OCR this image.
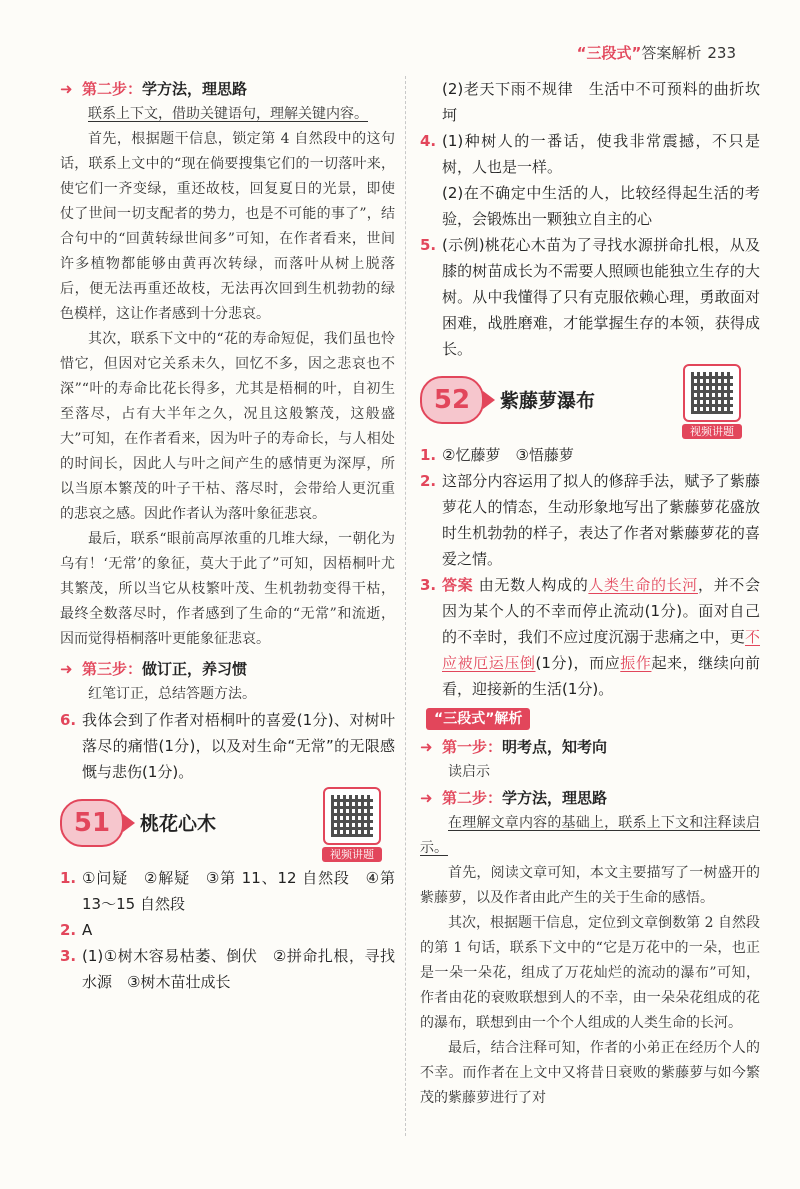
“三段式”答案解析 233

➜ 第二步：学方法，理思路

联系上下文，借助关键语句，理解关键内容。

首先，根据题干信息，锁定第 4 自然段中的这句话，联系上文中的“现在倘要搜集它们的一切落叶来，使它们一齐变绿，重还故枝，回复夏日的光景，即使仗了世间一切支配者的势力，也是不可能的事了”，结合句中的“回黄转绿世间多”可知，在作者看来，世间许多植物都能够由黄再次转绿，而落叶从树上脱落后，便无法再重还故枝，无法再次回到生机勃勃的绿色模样，这让作者感到十分悲哀。

其次，联系下文中的“花的寿命短促，我们虽也怜惜它，但因对它关系未久，回忆不多，因之悲哀也不深”“叶的寿命比花长得多，尤其是梧桐的叶，自初生至落尽，占有大半年之久，况且这般繁茂，这般盛大”可知，在作者看来，因为叶子的寿命长，与人相处的时间长，因此人与叶之间产生的感情更为深厚，所以当原本繁茂的叶子干枯、落尽时，会带给人更沉重的悲哀之感。因此作者认为落叶象征悲哀。

最后，联系“眼前高厚浓重的几堆大绿，一朝化为乌有！‘无常’的象征，莫大于此了”可知，因梧桐叶尤其繁茂，所以当它从枝繁叶茂、生机勃勃变得干枯，最终全数落尽时，作者感到了生命的“无常”和流逝，因而觉得梧桐落叶更能象征悲哀。

➜ 第三步：做订正，养习惯

红笔订正，总结答题方法。

6. 我体会到了作者对梧桐叶的喜爱(1分)、对树叶落尽的痛惜(1分)，以及对生命“无常”的无限感慨与悲伤(1分)。

51	桃花心木
视频讲题

1. ①问疑　②解疑　③第 11、12 自然段　④第 13～15 自然段

2. A

3. (1)①树木容易枯萎、倒伏　②拼命扎根，寻找水源　③树木苗壮成长

(2)老天下雨不规律　生活中不可预料的曲折坎坷

4. (1)种树人的一番话，使我非常震撼，不只是树，人也是一样。

(2)在不确定中生活的人，比较经得起生活的考验，会锻炼出一颗独立自主的心

5. (示例)桃花心木苗为了寻找水源拼命扎根，从及膝的树苗成长为不需要人照顾也能独立生存的大树。从中我懂得了只有克服依赖心理，勇敢面对困难，战胜磨难，才能掌握生存的本领，获得成长。

52	紫藤萝瀑布
视频讲题

1. ②忆藤萝　③悟藤萝

2. 这部分内容运用了拟人的修辞手法，赋予了紫藤萝花人的情态，生动形象地写出了紫藤萝花盛放时生机勃勃的样子，表达了作者对紫藤萝花的喜爱之情。

3. 答案 由无数人构成的人类生命的长河，并不会因为某个人的不幸而停止流动(1分)。面对自己的不幸时，我们不应过度沉溺于悲痛之中，更不应被厄运压倒(1分)，而应振作起来，继续向前看，迎接新的生活(1分)。

“三段式”解析

➜ 第一步：明考点，知考向

读启示

➜ 第二步：学方法，理思路

在理解文章内容的基础上，联系上下文和注释读启示。

首先，阅读文章可知，本文主要描写了一树盛开的紫藤萝，以及作者由此产生的关于生命的感悟。

其次，根据题干信息，定位到文章倒数第 2 自然段的第 1 句话，联系下文中的“它是万花中的一朵，也正是一朵一朵花，组成了万花灿烂的流动的瀑布”可知，作者由花的衰败联想到人的不幸，由一朵朵花组成的花的瀑布，联想到由一个个人组成的人类生命的长河。

最后，结合注释可知，作者的小弟正在经历个人的不幸。而作者在上文中又将昔日衰败的紫藤萝与如今繁茂的紫藤萝进行了对
